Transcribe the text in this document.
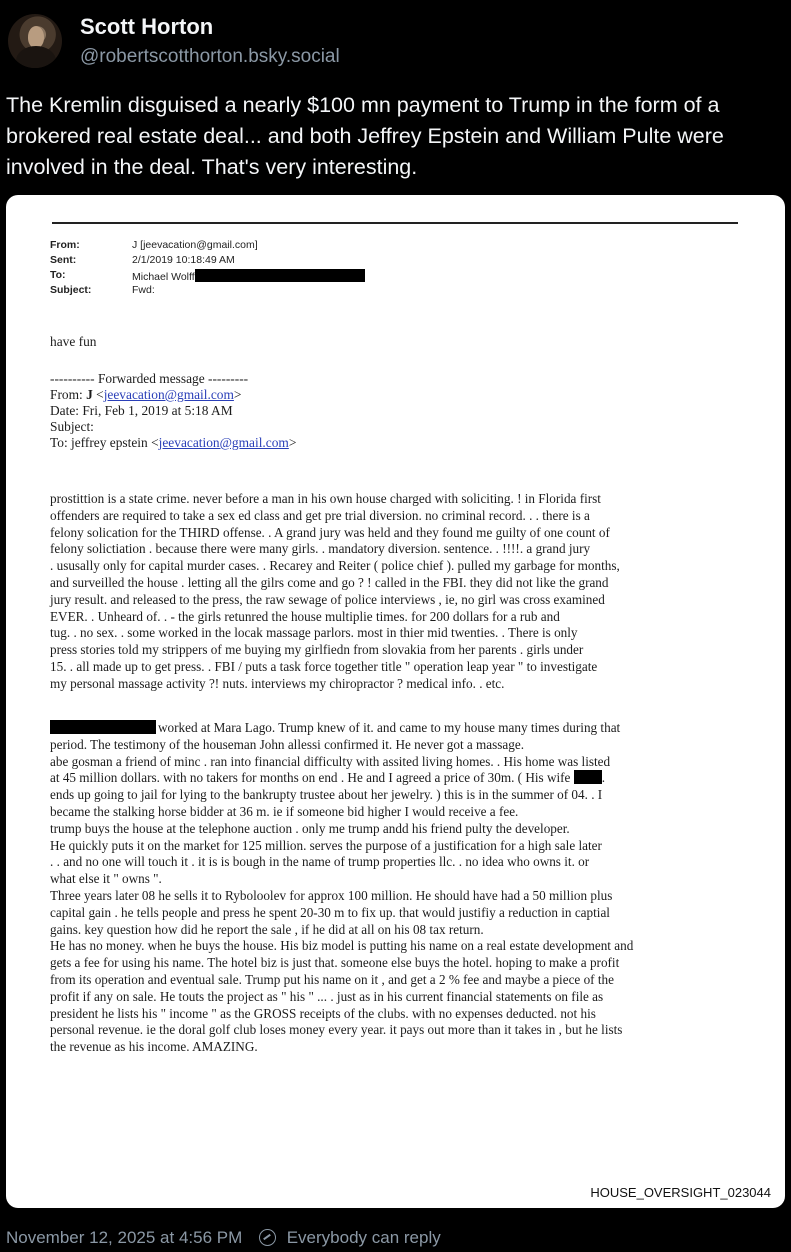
Scott Horton
@robertscotthorton.bsky.social
The Kremlin disguised a nearly $100 mn payment to Trump in the form of a brokered real estate deal... and both Jeffrey Epstein and William Pulte were involved in the deal. That's very interesting.
From:	J [jeevacation@gmail.com]
Sent:	2/1/2019 10:18:49 AM
To:	Michael Wolff
Subject:	Fwd:
have fun
---------- Forwarded message ---------
From: J <jeevacation@gmail.com>
Date: Fri, Feb 1, 2019 at 5:18 AM
Subject:
To: jeffrey epstein <jeevacation@gmail.com>

prostittion is a state crime. never before a man in his own house charged with soliciting. ! in Florida first

offenders are required to take a sex ed class and get pre trial diversion. no criminal record. . . there is a

felony solication for the THIRD offense. . A grand jury was held and they found me guilty of one count of

felony solictiation . because there were many girls. . mandatory diversion. sentence. . !!!!. a grand jury

. ususally only for capital murder cases. . Recarey and Reiter ( police chief ). pulled my garbage for months,

and surveilled the house . letting all the gilrs come and go ? ! called in the FBI. they did not like the grand

jury result. and released to the press, the raw sewage of police interviews , ie, no girl was cross examined

EVER. . Unheard of. . - the girls retunred the house multiplie times. for 200 dollars for a rub and

tug. . no sex. . some worked in the locak massage parlors. most in thier mid twenties. . There is only

press stories told my strippers of me buying my girlfiedn from slovakia from her parents . girls under

15. . all made up to get press. . FBI / puts a task force together title " operation leap year " to investigate

my personal massage activity ?! nuts. interviews my chiropractor ? medical info. . etc.

worked at Mara Lago. Trump knew of it. and came to my house many times during that

period. The testimony of the houseman John allessi confirmed it. He never got a massage.

abe gosman a friend of minc . ran into financial difficulty with assited living homes. . His home was listed

at 45 million dollars. with no takers for months on end . He and I agreed a price of 30m. ( His wife .

ends up going to jail for lying to the bankrupty trustee about her jewelry. ) this is in the summer of 04. . I

became the stalking horse bidder at 36 m. ie if someone bid higher I would receive a fee.

trump buys the house at the telephone auction . only me trump andd his friend pulty the developer.

He quickly puts it on the market for 125 million. serves the purpose of a justification for a high sale later

. . and no one will touch it . it is is bough in the name of trump properties llc. . no idea who owns it. or

what else it " owns ".

Three years later 08 he sells it to Ryboloolev for approx 100 million. He should have had a 50 million plus

capital gain . he tells people and press he spent 20-30 m to fix up. that would justifiy a reduction in captial

gains. key question how did he report the sale , if he did at all on his 08 tax return.

He has no money. when he buys the house. His biz model is putting his name on a real estate development and

gets a fee for using his name. The hotel biz is just that. someone else buys the hotel. hoping to make a profit

from its operation and eventual sale. Trump put his name on it , and get a 2 % fee and maybe a piece of the

profit if any on sale. He touts the project as " his " ... . just as in his current financial statements on file as

president he lists his " income " as the GROSS receipts of the clubs. with no expenses deducted. not his

personal revenue. ie the doral golf club loses money every year. it pays out more than it takes in , but he lists

the revenue as his income. AMAZING.

HOUSE_OVERSIGHT_023044
November 12, 2025 at 4:56 PM	Everybody can reply
